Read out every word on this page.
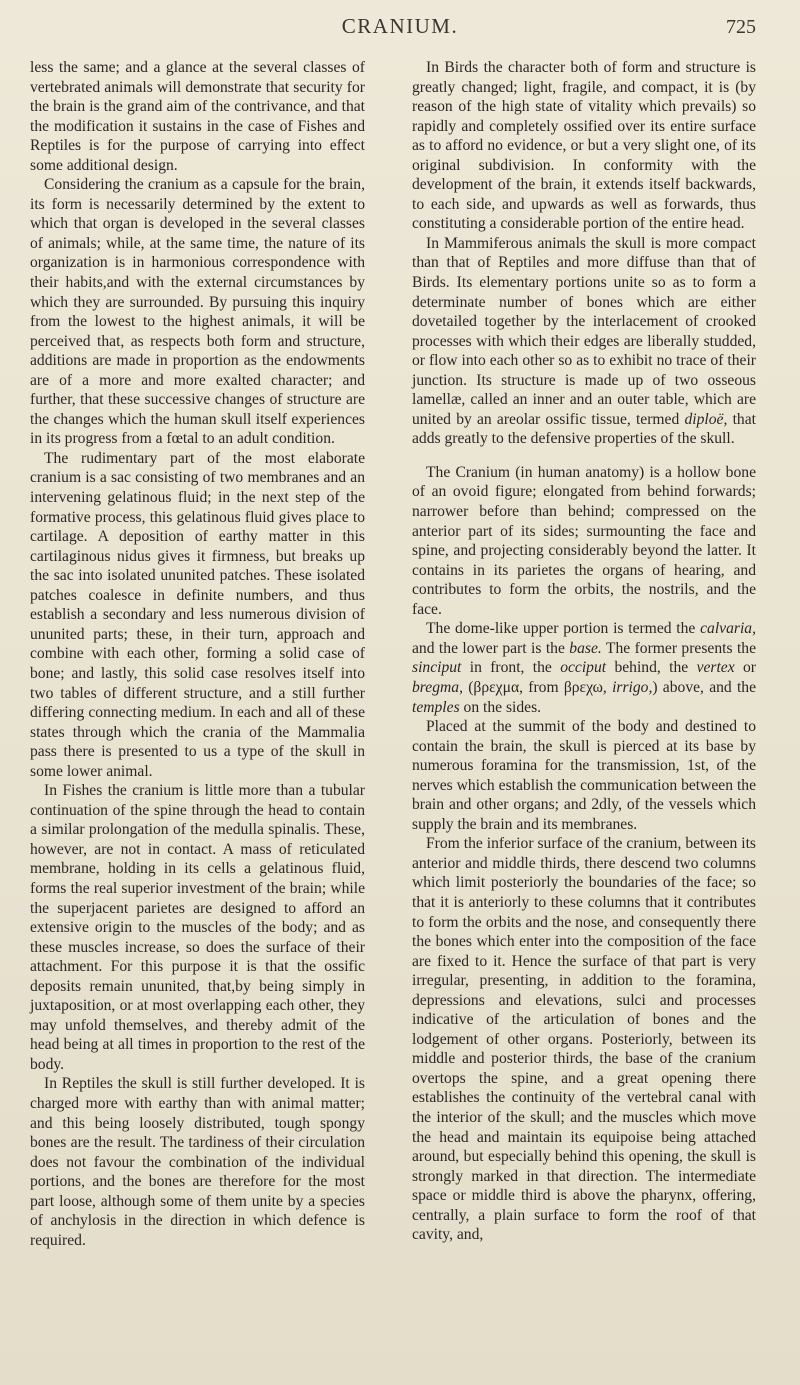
CRANIUM.	725

less the same; and a glance at the several classes of vertebrated animals will demonstrate that security for the brain is the grand aim of the contrivance, and that the modification it sustains in the case of Fishes and Reptiles is for the purpose of carrying into effect some additional design.

Considering the cranium as a capsule for the brain, its form is necessarily determined by the extent to which that organ is developed in the several classes of animals; while, at the same time, the nature of its organization is in harmonious correspondence with their habits,and with the external circumstances by which they are surrounded. By pursuing this inquiry from the lowest to the highest animals, it will be perceived that, as respects both form and structure, additions are made in proportion as the endowments are of a more and more exalted character; and further, that these successive changes of structure are the changes which the human skull itself experiences in its progress from a fœtal to an adult condition.

The rudimentary part of the most elaborate cranium is a sac consisting of two membranes and an intervening gelatinous fluid; in the next step of the formative process, this gelatinous fluid gives place to cartilage. A deposition of earthy matter in this cartilaginous nidus gives it firmness, but breaks up the sac into isolated ununited patches. These isolated patches coalesce in definite numbers, and thus establish a secondary and less numerous division of ununited parts; these, in their turn, approach and combine with each other, forming a solid case of bone; and lastly, this solid case resolves itself into two tables of different structure, and a still further differing connecting medium. In each and all of these states through which the crania of the Mammalia pass there is presented to us a type of the skull in some lower animal.

In Fishes the cranium is little more than a tubular continuation of the spine through the head to contain a similar prolongation of the medulla spinalis. These, however, are not in contact. A mass of reticulated membrane, holding in its cells a gelatinous fluid, forms the real superior investment of the brain; while the superjacent parietes are designed to afford an extensive origin to the muscles of the body; and as these muscles increase, so does the surface of their attachment. For this purpose it is that the ossific deposits remain ununited, that,by being simply in juxtaposition, or at most overlapping each other, they may unfold themselves, and thereby admit of the head being at all times in proportion to the rest of the body.

In Reptiles the skull is still further developed. It is charged more with earthy than with animal matter; and this being loosely distributed, tough spongy bones are the result. The tardiness of their circulation does not favour the combination of the individual portions, and the bones are therefore for the most part loose, although some of them unite by a species of anchylosis in the direction in which defence is required.

In Birds the character both of form and structure is greatly changed; light, fragile, and compact, it is (by reason of the high state of vitality which prevails) so rapidly and completely ossified over its entire surface as to afford no evidence, or but a very slight one, of its original subdivision. In conformity with the development of the brain, it extends itself backwards, to each side, and upwards as well as forwards, thus constituting a considerable portion of the entire head.

In Mammiferous animals the skull is more compact than that of Reptiles and more diffuse than that of Birds. Its elementary portions unite so as to form a determinate number of bones which are either dovetailed together by the interlacement of crooked processes with which their edges are liberally studded, or flow into each other so as to exhibit no trace of their junction. Its structure is made up of two osseous lamellæ, called an inner and an outer table, which are united by an areolar ossific tissue, termed diploë, that adds greatly to the defensive properties of the skull.

The Cranium (in human anatomy) is a hollow bone of an ovoid figure; elongated from behind forwards; narrower before than behind; compressed on the anterior part of its sides; surmounting the face and spine, and projecting considerably beyond the latter. It contains in its parietes the organs of hearing, and contributes to form the orbits, the nostrils, and the face.

The dome-like upper portion is termed the calvaria, and the lower part is the base. The former presents the sinciput in front, the occiput behind, the vertex or bregma, (βρεχμα, from βρεχω, irrigo,) above, and the temples on the sides.

Placed at the summit of the body and destined to contain the brain, the skull is pierced at its base by numerous foramina for the transmission, 1st, of the nerves which establish the communication between the brain and other organs; and 2dly, of the vessels which supply the brain and its membranes.

From the inferior surface of the cranium, between its anterior and middle thirds, there descend two columns which limit posteriorly the boundaries of the face; so that it is anteriorly to these columns that it contributes to form the orbits and the nose, and consequently there the bones which enter into the composition of the face are fixed to it. Hence the surface of that part is very irregular, presenting, in addition to the foramina, depressions and elevations, sulci and processes indicative of the articulation of bones and the lodgement of other organs. Posteriorly, between its middle and posterior thirds, the base of the cranium overtops the spine, and a great opening there establishes the continuity of the vertebral canal with the interior of the skull; and the muscles which move the head and maintain its equipoise being attached around, but especially behind this opening, the skull is strongly marked in that direction. The intermediate space or middle third is above the pharynx, offering, centrally, a plain surface to form the roof of that cavity, and,
